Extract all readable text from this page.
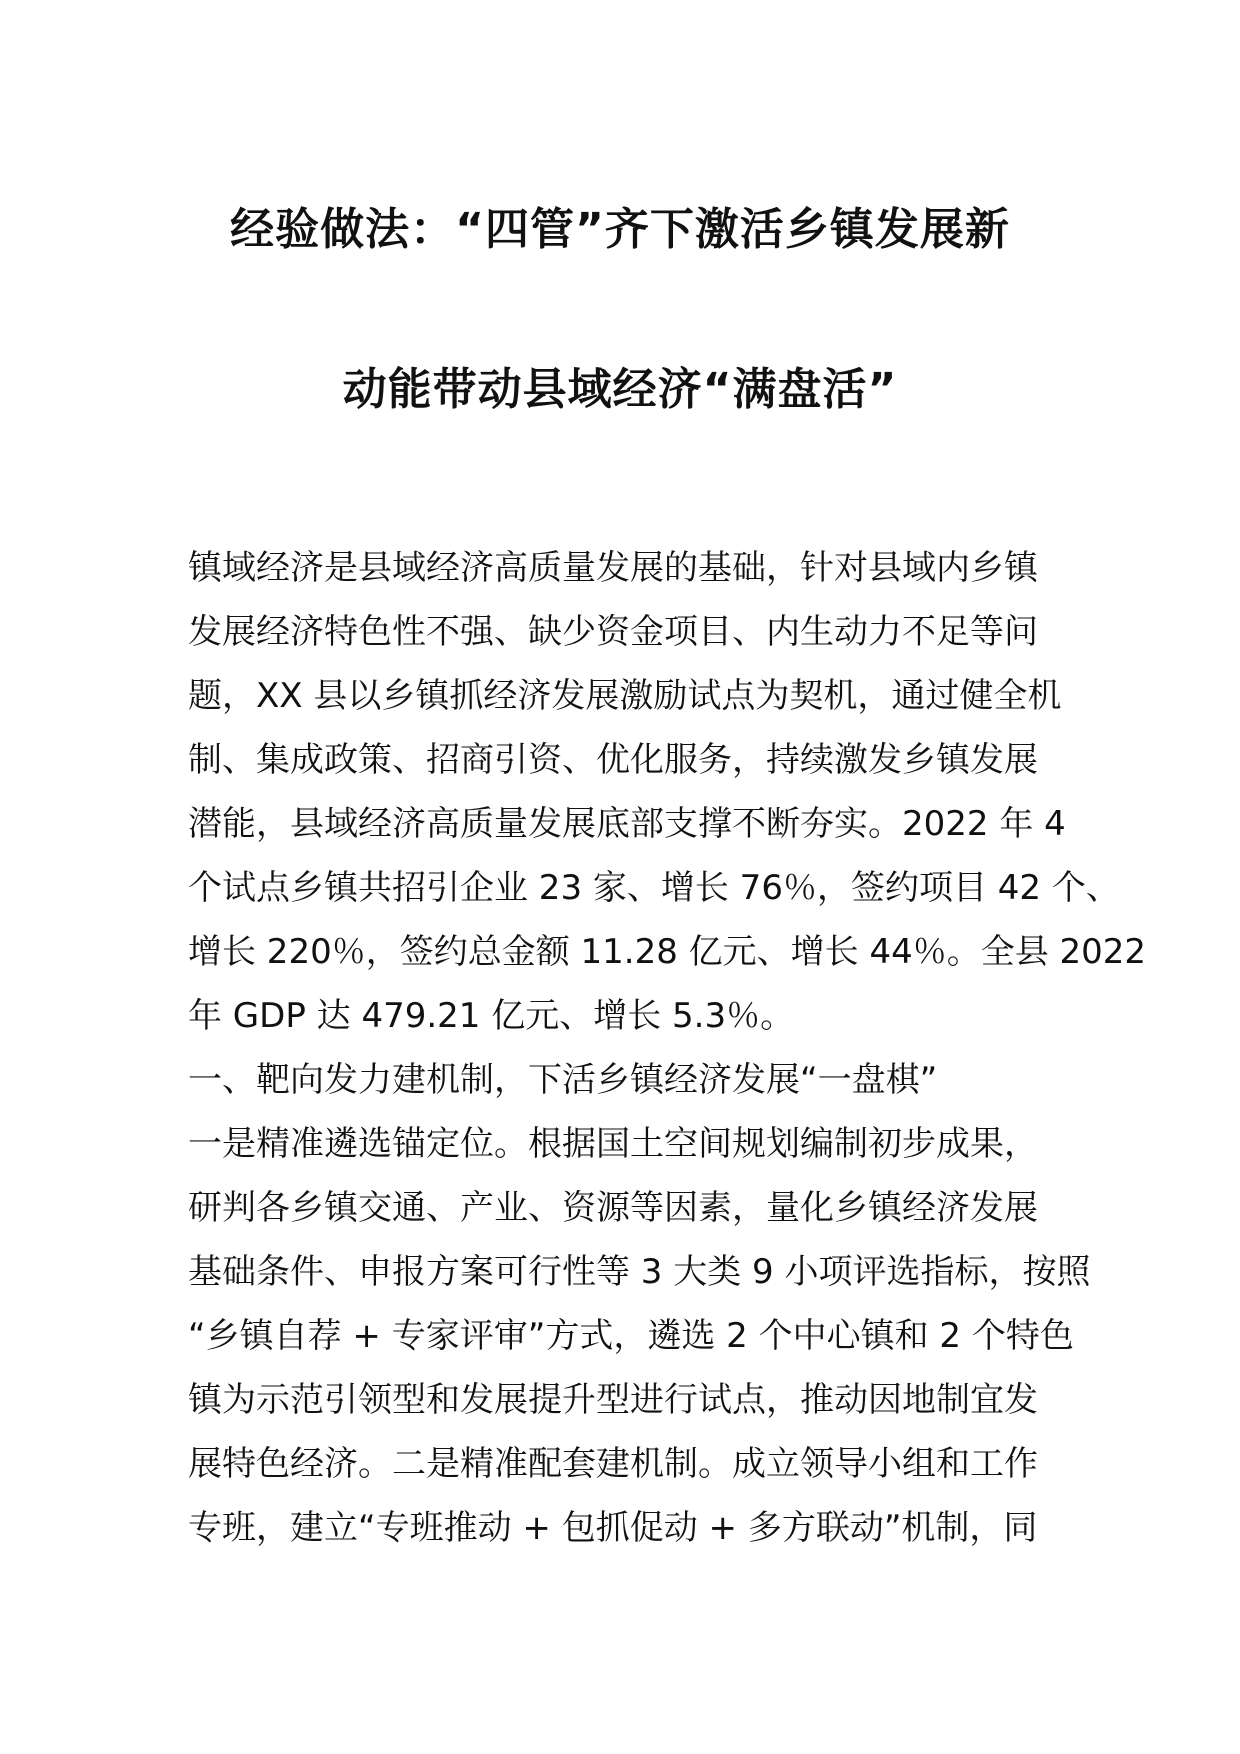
经验做法：“四管”齐下激活乡镇发展新
动能带动县域经济“满盘活”
镇域经济是县域经济高质量发展的基础，针对县域内乡镇
发展经济特色性不强、缺少资金项目、内生动力不足等问
题，XX 县以乡镇抓经济发展激励试点为契机，通过健全机
制、集成政策、招商引资、优化服务，持续激发乡镇发展
潜能，县域经济高质量发展底部支撑不断夯实。2022 年 4
个试点乡镇共招引企业 23 家、增长 76％，签约项目 42 个、
增长 220％，签约总金额 11.28 亿元、增长 44％。全县 2022
年 GDP 达 479.21 亿元、增长 5.3％。
一、靶向发力建机制，下活乡镇经济发展“一盘棋”
一是精准遴选锚定位。根据国土空间规划编制初步成果，
研判各乡镇交通、产业、资源等因素，量化乡镇经济发展
基础条件、申报方案可行性等 3 大类 9 小项评选指标，按照
“乡镇自荐 + 专家评审”方式，遴选 2 个中心镇和 2 个特色
镇为示范引领型和发展提升型进行试点，推动因地制宜发
展特色经济。二是精准配套建机制。成立领导小组和工作
专班，建立“专班推动 + 包抓促动 + 多方联动”机制，同
